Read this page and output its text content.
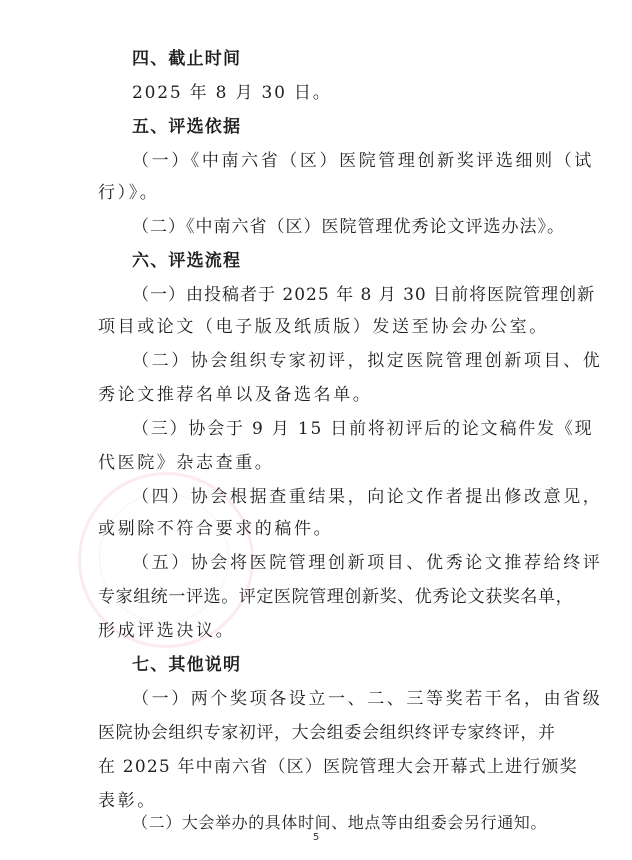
四、截止时间
2025 年 8 月 30 日。
五、评选依据
（一）《中南六省（区）医院管理创新奖评选细则（试
行）》。
（二）《中南六省（区）医院管理优秀论文评选办法》。
六、评选流程
（一）由投稿者于 2025 年 8 月 30 日前将医院管理创新
项目或论文（电子版及纸质版）发送至协会办公室。
（二）协会组织专家初评，拟定医院管理创新项目、优
秀论文推荐名单以及备选名单。
（三）协会于 9 月 15 日前将初评后的论文稿件发《现
代医院》杂志查重。
（四）协会根据查重结果，向论文作者提出修改意见，
或剔除不符合要求的稿件。
（五）协会将医院管理创新项目、优秀论文推荐给终评
专家组统一评选。评定医院管理创新奖、优秀论文获奖名单，
形成评选决议。
七、其他说明
（一）两个奖项各设立一、二、三等奖若干名，由省级
医院协会组织专家初评，大会组委会组织终评专家终评，并
在 2025 年中南六省（区）医院管理大会开幕式上进行颁奖
表彰。
（二）大会举办的具体时间、地点等由组委会另行通知。
5
